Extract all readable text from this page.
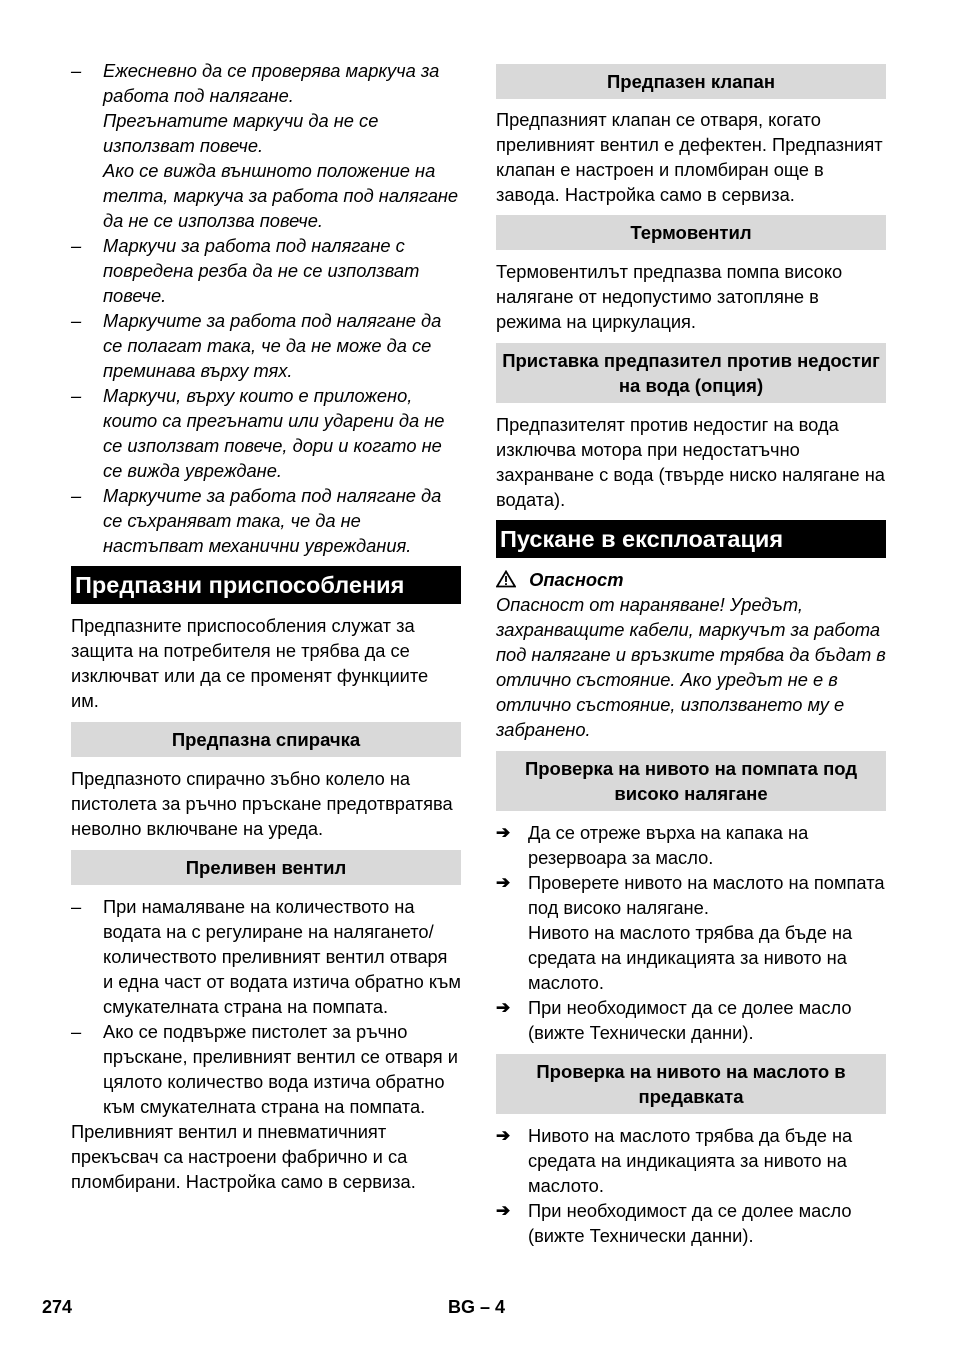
– Ежесневно да се проверява маркуча за работа под налягане.
Прегънатите маркучи да не се използват повече.
Ако се вижда външното положение на телта, маркуча за работа под налягане да не се използва повече.
– Маркучи за работа под налягане с повредена резба да не се използват повече.
– Маркучите за работа под налягане да се полагат така, че да не може да се преминава върху тях.
– Маркучи, върху които е приложено, които са прегънати или ударени да не се използват повече, дори и когато не се вижда увреждане.
– Маркучите за работа под налягане да се съхраняват така, че да не настъпват механични увреждания.
Предпазни приспособления

Предпазните приспособления служат за защита на потребителя не трябва да се изключват или да се променят функциите им.

Предпазна спирачка

Предпазното спирачно зъбно колело на пистолета за ръчно пръскане предотвратява неволно включване на уреда.

Преливен вентил
– При намаляване на количеството на водата на с регулиране на налягането/количеството преливният вентил отваря и една част от водата изтича обратно към смукателната страна на помпата.
– Ако се подвърже пистолет за ръчно пръскане, преливният вентил се отваря и цялото количество вода изтича обратно към смукателната страна на помпата.

Преливният вентил и пневматичният прекъсвач са настроени фабрично и са пломбирани. Настройка само в сервиза.

Предпазен клапан

Предпазният клапан се отваря, когато преливният вентил е дефектен. Предпазният клапан е настроен и пломбиран още в завода. Настройка само в сервиза.

Термовентил

Термовентилът предпазва помпа високо налягане от недопустимо затопляне в режима на циркулация.

Приставка предпазител против недостиг на вода (опция)

Предпазителят против недостиг на вода изключва мотора при недостатъчно захранване с вода (твърде ниско налягане на водата).

Пускане в експлоатация
Опасност

Опасност от нараняване! Уредът, захранващите кабели, маркучът за работа под налягане и връзките трябва да бъдат в отлично състояние. Ако уредът не е в отлично състояние, използването му е забранено.

Проверка на нивото на помпата под високо налягане
➔ Да се отреже върха на капака на резервоара за масло.
➔ Проверете нивото на маслото на помпата под високо налягане.
Нивото на маслото трябва да бъде на средата на индикацията за нивото на маслото.
➔ При необходимост да се долее масло (вижте Технически данни).
Проверка на нивото на маслото в предавката
➔ Нивото на маслото трябва да бъде на средата на индикацията за нивото на маслото.
➔ При необходимост да се долее масло (вижте Технически данни).
274	BG – 4
